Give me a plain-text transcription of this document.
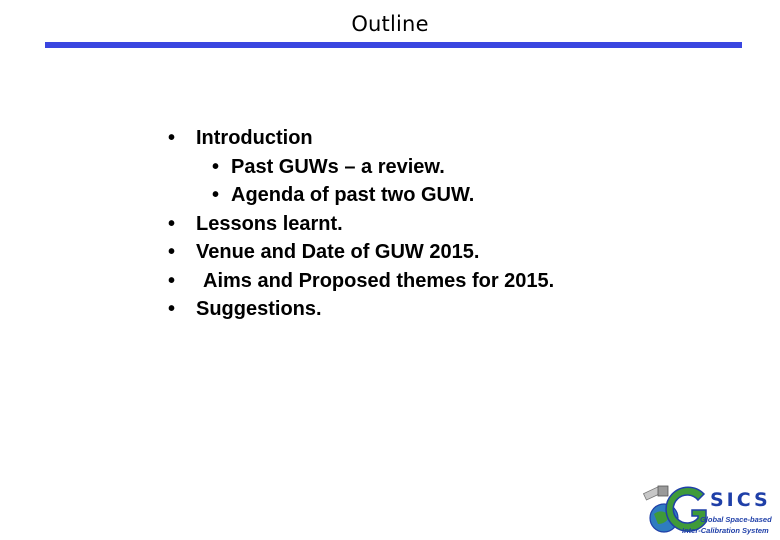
Outline
•	Introduction
• Past GUWs – a review.
• Agenda of past two GUW.
•	Lessons learnt.
•	Venue and Date of GUW 2015.
•	Aims and Proposed themes for 2015.
•	Suggestions.
SICS
Global Space-based
Inter-Calibration System
